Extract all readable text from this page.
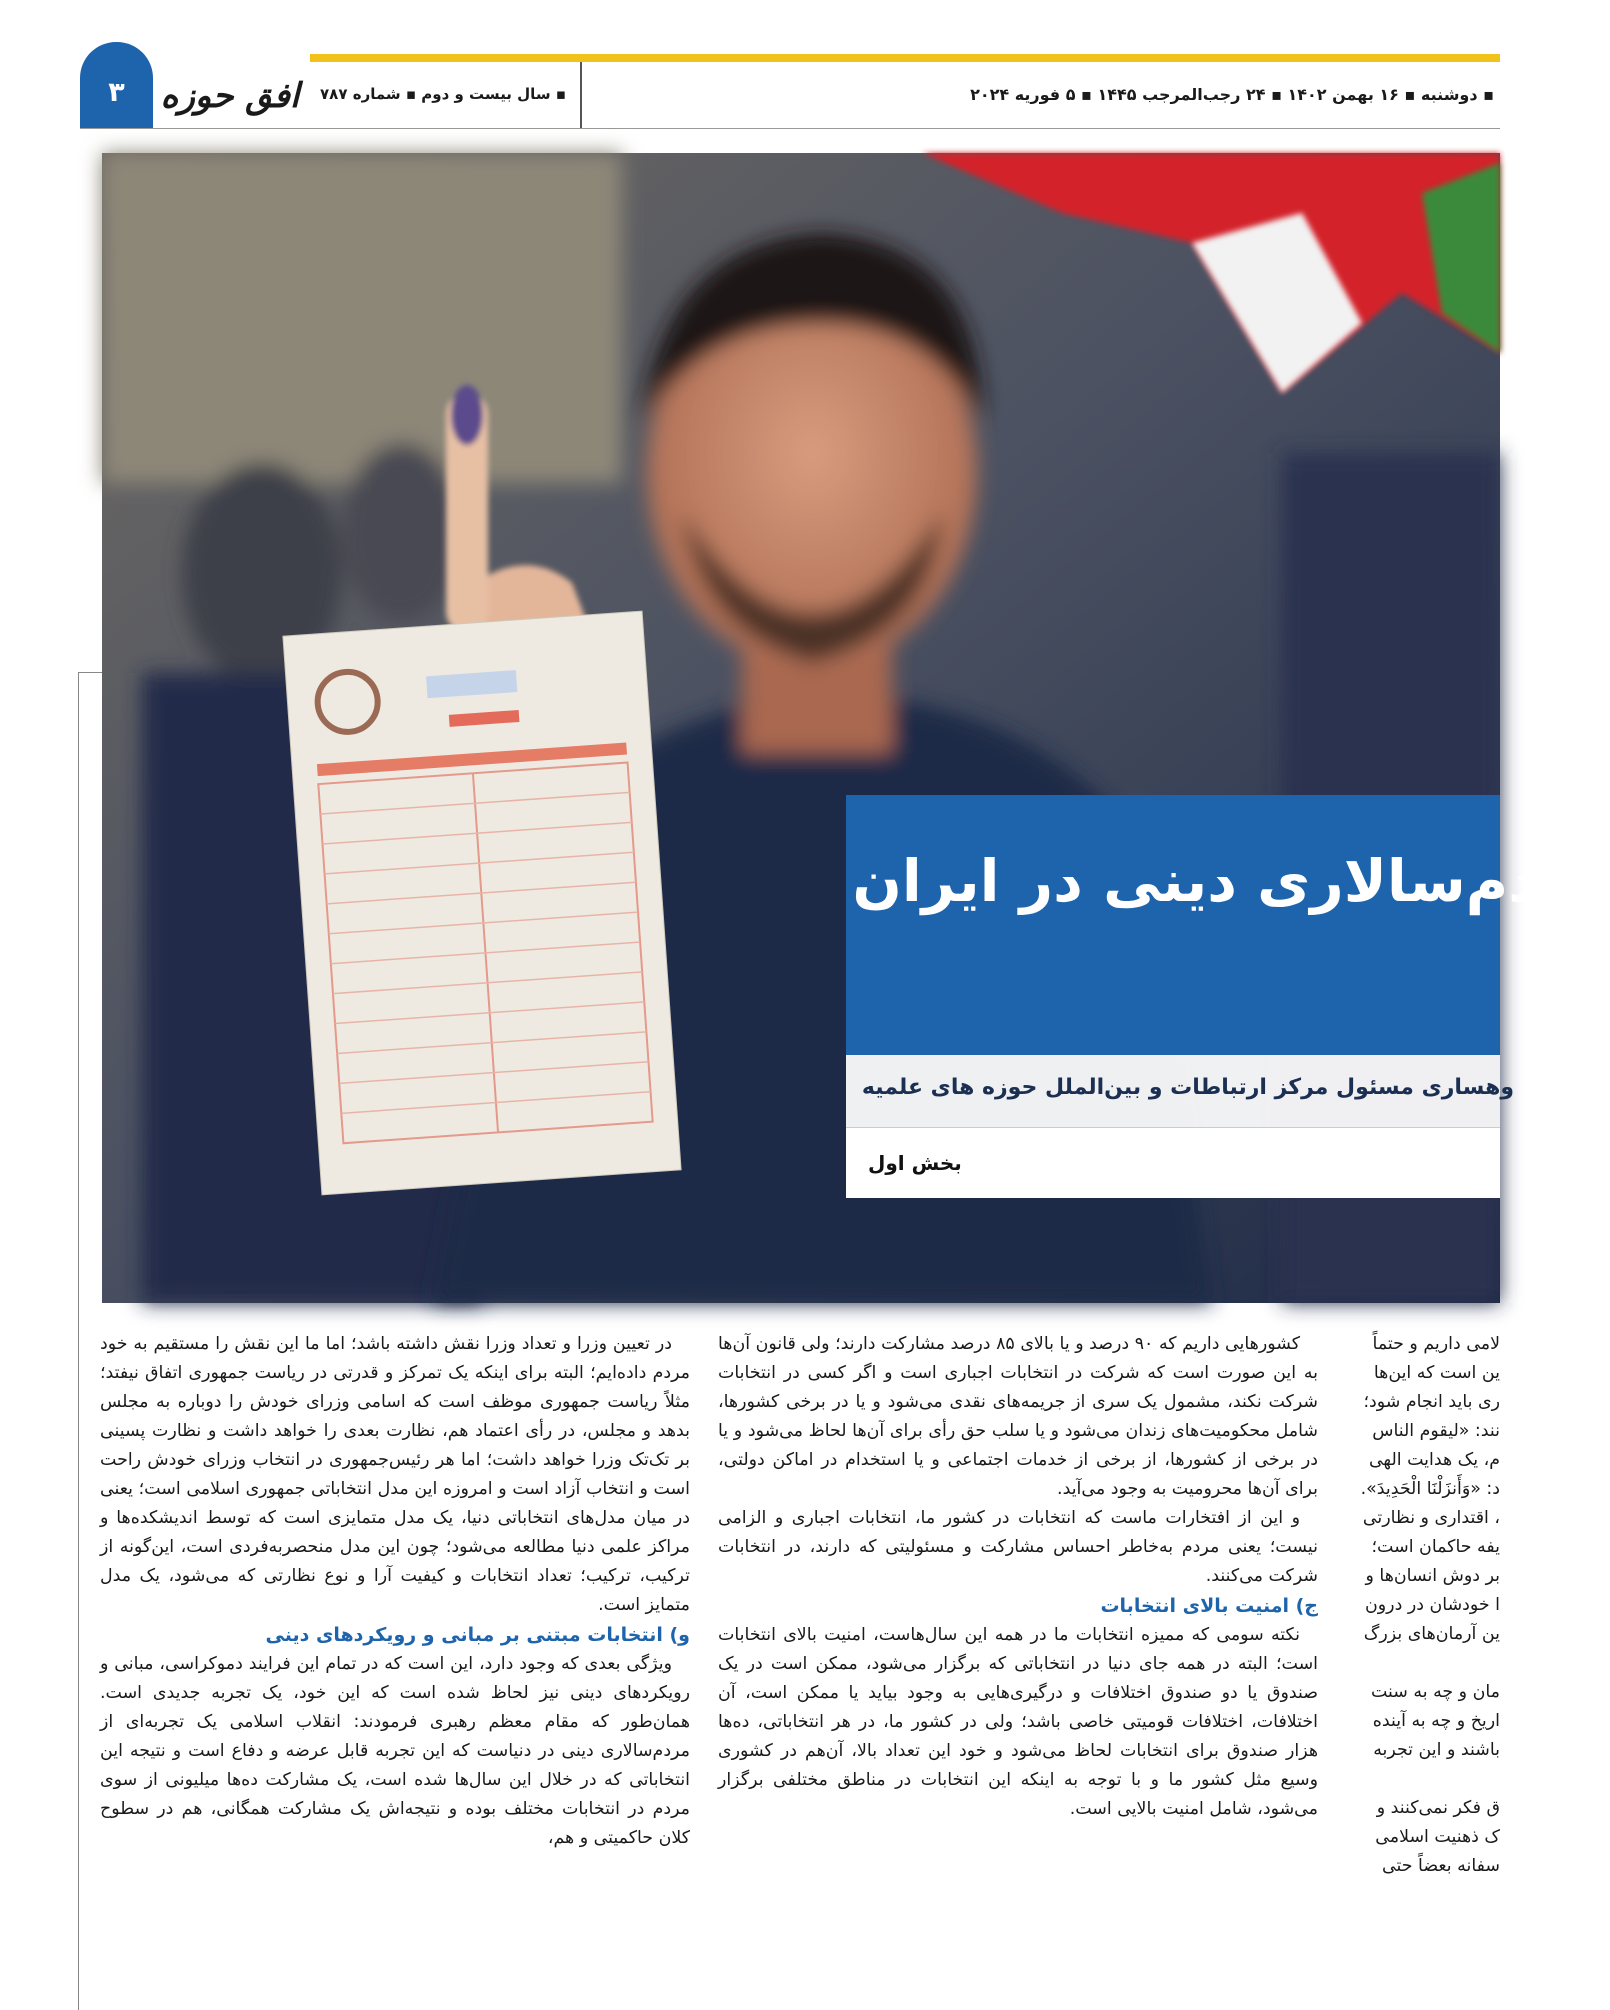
۳	افق حوزه	▪ سال بیست و دوم ▪ شماره ۷۸۷	▪ دوشنبه ▪ ۱۶ بهمن ۱۴۰۲ ▪ ۲۴ رجب‌المرجب ۱۴۴۵ ▪ ۵ فوریه ۲۰۲۴
مردم‌سالاری دینی در ایران
ی
وهساری مسئول مرکز ارتباطات و بین‌الملل حوزه های علمیه
بخش اول

در تعیین وزرا و تعداد وزرا نقش داشته باشد؛ اما ما این نقش را مستقیم به خود مردم داده‌ایم؛ البته برای اینکه یک تمرکز و قدرتی در ریاست جمهوری اتفاق نیفتد؛ مثلاً ریاست جمهوری موظف است که اسامی وزرای خودش را دوباره به مجلس بدهد و مجلس، در رأی اعتماد هم، نظارت بعدی را خواهد داشت و نظارت پسینی بر تک‌تک وزرا خواهد داشت؛ اما هر رئیس‌جمهوری در انتخاب وزرای خودش راحت است و انتخاب آزاد است و امروزه این مدل انتخاباتی جمهوری اسلامی است؛ یعنی در میان مدل‌های انتخاباتی دنیا، یک مدل متمایزی است که توسط اندیشکده‌ها و مراکز علمی دنیا مطالعه می‌شود؛ چون این مدل منحصربه‌فردی است، این‌گونه از ترکیب، ترکیب؛ تعداد انتخابات و کیفیت آرا و نوع نظارتی که می‌شود، یک مدل متمایز است.

و) انتخابات مبتنی بر مبانی و رویکردهای دینی

ویژگی بعدی که وجود دارد، این است که در تمام این فرایند دموکراسی، مبانی و رویکردهای دینی نیز لحاظ شده است که این خود، یک تجربه جدیدی است. همان‌طور که مقام معظم رهبری فرمودند: انقلاب اسلامی یک تجربه‌ای از مردم‌سالاری دینی در دنیاست که این تجربه قابل عرضه و دفاع است و نتیجه این انتخاباتی که در خلال این سال‌ها شده است، یک مشارکت ده‌ها میلیونی از سوی مردم در انتخابات مختلف بوده و نتیجه‌اش یک مشارکت همگانی، هم در سطوح کلان حاکمیتی و هم،

کشورهایی داریم که ۹۰ درصد و یا بالای ۸۵ درصد مشارکت دارند؛ ولی قانون آن‌ها به این صورت است که شرکت در انتخابات اجباری است و اگر کسی در انتخابات شرکت نکند، مشمول یک سری از جریمه‌های نقدی می‌شود و یا در برخی کشورها، شامل محکومیت‌های زندان می‌شود و یا سلب حق رأی برای آن‌ها لحاظ می‌شود و یا در برخی از کشورها، از برخی از خدمات اجتماعی و یا استخدام در اماکن دولتی، برای آن‌ها محرومیت به وجود می‌آید.

و این از افتخارات ماست که انتخابات در کشور ما، انتخابات اجباری و الزامی نیست؛ یعنی مردم به‌خاطر احساس مشارکت و مسئولیتی که دارند، در انتخابات شرکت می‌کنند.

ج) امنیت بالای انتخابات

نکته سومی که ممیزه انتخابات ما در همه این سال‌هاست، امنیت بالای انتخابات است؛ البته در همه جای دنیا در انتخاباتی که برگزار می‌شود، ممکن است در یک صندوق یا دو صندوق اختلافات و درگیری‌هایی به وجود بیاید یا ممکن است، آن اختلافات، اختلافات قومیتی خاصی باشد؛ ولی در کشور ما، در هر انتخاباتی، ده‌ها هزار صندوق برای انتخابات لحاظ می‌شود و خود این تعداد بالا، آن‌هم در کشوری وسیع مثل کشور ما و با توجه به اینکه این انتخابات در مناطق مختلفی برگزار می‌شود، شامل امنیت بالایی است.

لامی داریم و حتماً

ین است که این‌ها

ری باید انجام شود؛

نند: «لیقوم الناس

م، یک هدایت الهی

د: «وَأَنزَلْنَا الْحَدِيدَ».

، اقتداری و نظارتی

یفه حاکمان است؛

بر دوش انسان‌ها و

ا خودشان در درون

ین آرمان‌های بزرگ

مان و چه به سنت

اریخ و چه به آینده

باشند و این تجربه

ق فکر نمی‌کنند و

ک ذهنیت اسلامی

سفانه بعضاً حتی
